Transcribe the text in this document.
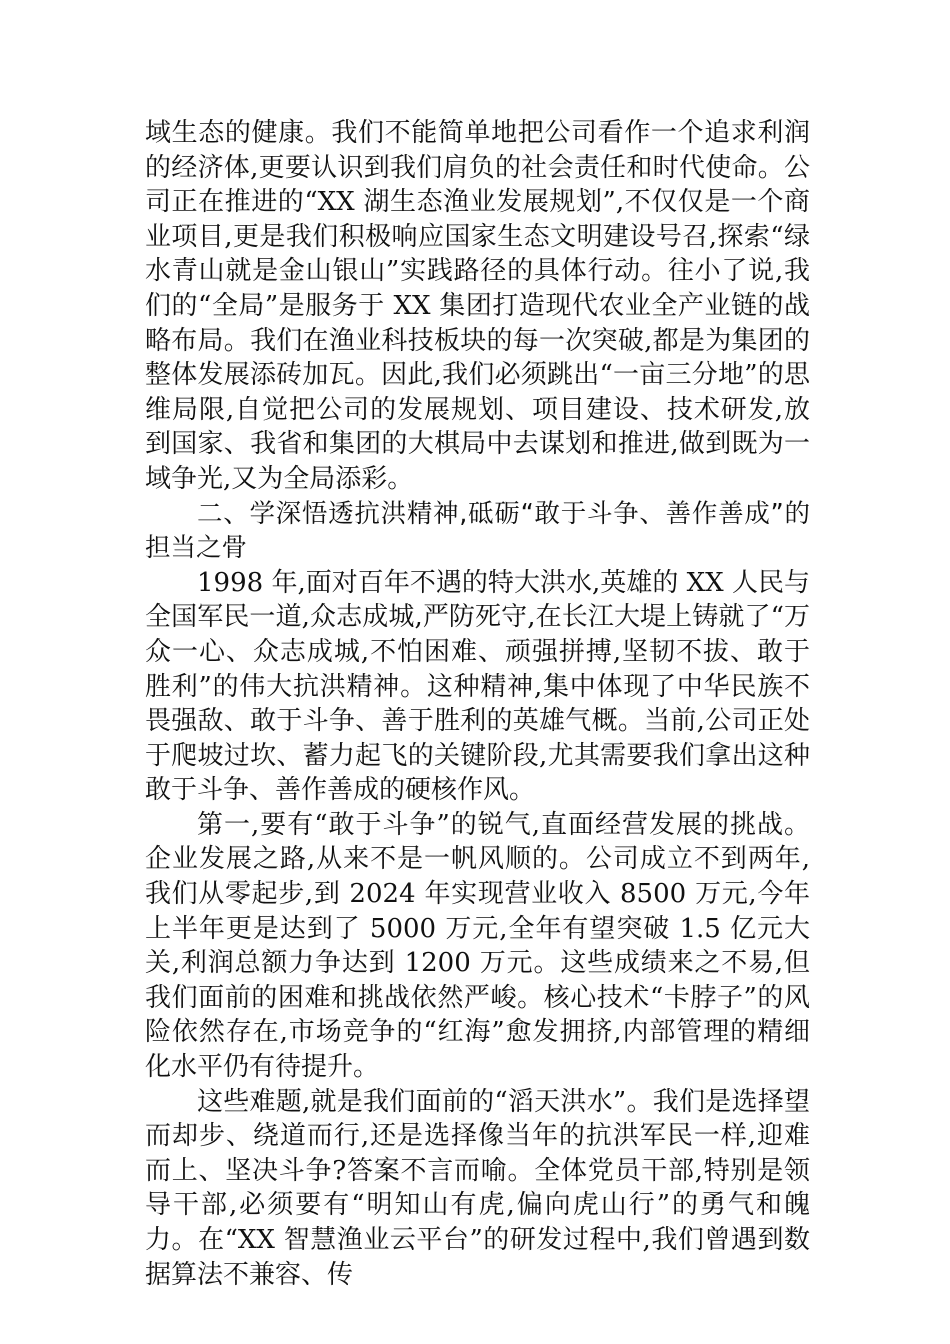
域生态的健康。我们不能简单地把公司看作一个追求利润的经济体,更要认识到我们肩负的社会责任和时代使命。公司正在推进的“XX 湖生态渔业发展规划”,不仅仅是一个商业项目,更是我们积极响应国家生态文明建设号召,探索“绿水青山就是金山银山”实践路径的具体行动。往小了说,我们的“全局”是服务于 XX 集团打造现代农业全产业链的战略布局。我们在渔业科技板块的每一次突破,都是为集团的整体发展添砖加瓦。因此,我们必须跳出“一亩三分地”的思维局限,自觉把公司的发展规划、项目建设、技术研发,放到国家、我省和集团的大棋局中去谋划和推进,做到既为一域争光,又为全局添彩。

二、学深悟透抗洪精神,砥砺“敢于斗争、善作善成”的担当之骨

1998 年,面对百年不遇的特大洪水,英雄的 XX 人民与全国军民一道,众志成城,严防死守,在长江大堤上铸就了“万众一心、众志成城,不怕困难、顽强拼搏,坚韧不拔、敢于胜利”的伟大抗洪精神。这种精神,集中体现了中华民族不畏强敌、敢于斗争、善于胜利的英雄气概。当前,公司正处于爬坡过坎、蓄力起飞的关键阶段,尤其需要我们拿出这种敢于斗争、善作善成的硬核作风。

第一,要有“敢于斗争”的锐气,直面经营发展的挑战。企业发展之路,从来不是一帆风顺的。公司成立不到两年,我们从零起步,到 2024 年实现营业收入 8500 万元,今年上半年更是达到了 5000 万元,全年有望突破 1.5 亿元大关,利润总额力争达到 1200 万元。这些成绩来之不易,但我们面前的困难和挑战依然严峻。核心技术“卡脖子”的风险依然存在,市场竞争的“红海”愈发拥挤,内部管理的精细化水平仍有待提升。

这些难题,就是我们面前的“滔天洪水”。我们是选择望而却步、绕道而行,还是选择像当年的抗洪军民一样,迎难而上、坚决斗争?答案不言而喻。全体党员干部,特别是领导干部,必须要有“明知山有虎,偏向虎山行”的勇气和魄力。在“XX 智慧渔业云平台”的研发过程中,我们曾遇到数据算法不兼容、传
